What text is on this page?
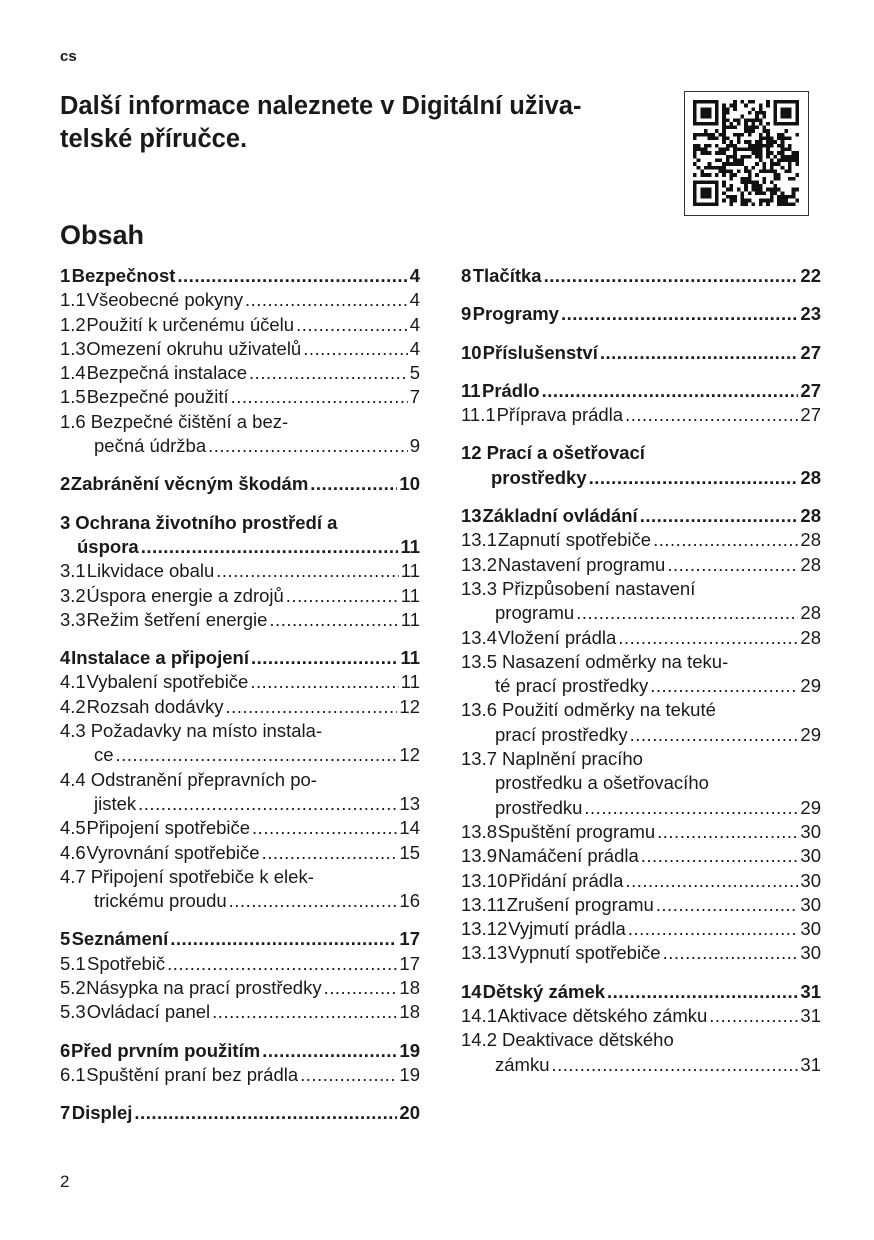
cs
Další informace naleznete v Digitální uživa-
telské příručce.
Obsah
1 Bezpečnost .....	4
1.1 Všeobecné pokyny .....	4
1.2 Použití k určenému účelu .....	4
1.3 Omezení okruhu uživatelů .....	4
1.4 Bezpečná instalace .....	5
1.5 Bezpečné použití .....	7
1.6 Bezpečné čištění a bez-
pečná údržba .....	9
2 Zabránění věcným škodám .....	10
3 Ochrana životního prostředí a
úspora .....	11
3.1 Likvidace obalu .....	11
3.2 Úspora energie a zdrojů .....	11
3.3 Režim šetření energie .....	11
4 Instalace a připojení .....	11
4.1 Vybalení spotřebiče .....	11
4.2 Rozsah dodávky .....	12
4.3 Požadavky na místo instala-
ce .....	12
4.4 Odstranění přepravních po-
jistek .....	13
4.5 Připojení spotřebiče .....	14
4.6 Vyrovnání spotřebiče .....	15
4.7 Připojení spotřebiče k elek-
trickému proudu .....	16
5 Seznámení .....	17
5.1 Spotřebič .....	17
5.2 Násypka na prací prostředky .....	18
5.3 Ovládací panel .....	18
6 Před prvním použitím .....	19
6.1 Spuštění praní bez prádla .....	19
7 Displej .....	20
8 Tlačítka .....	22
9 Programy .....	23
10 Příslušenství .....	27
11 Prádlo .....	27
11.1 Příprava prádla .....	27
12 Prací a ošetřovací
prostředky .....	28
13 Základní ovládání .....	28
13.1 Zapnutí spotřebiče .....	28
13.2 Nastavení programu .....	28
13.3 Přizpůsobení nastavení
programu .....	28
13.4 Vložení prádla .....	28
13.5 Nasazení odměrky na teku-
té prací prostředky .....	29
13.6 Použití odměrky na tekuté
prací prostředky .....	29
13.7 Naplnění pracího
prostředku a ošetřovacího
prostředku .....	29
13.8 Spuštění programu .....	30
13.9 Namáčení prádla .....	30
13.10 Přidání prádla .....	30
13.11 Zrušení programu .....	30
13.12 Vyjmutí prádla .....	30
13.13 Vypnutí spotřebiče .....	30
14 Dětský zámek .....	31
14.1 Aktivace dětského zámku .....	31
14.2 Deaktivace dětského
zámku .....	31
2
